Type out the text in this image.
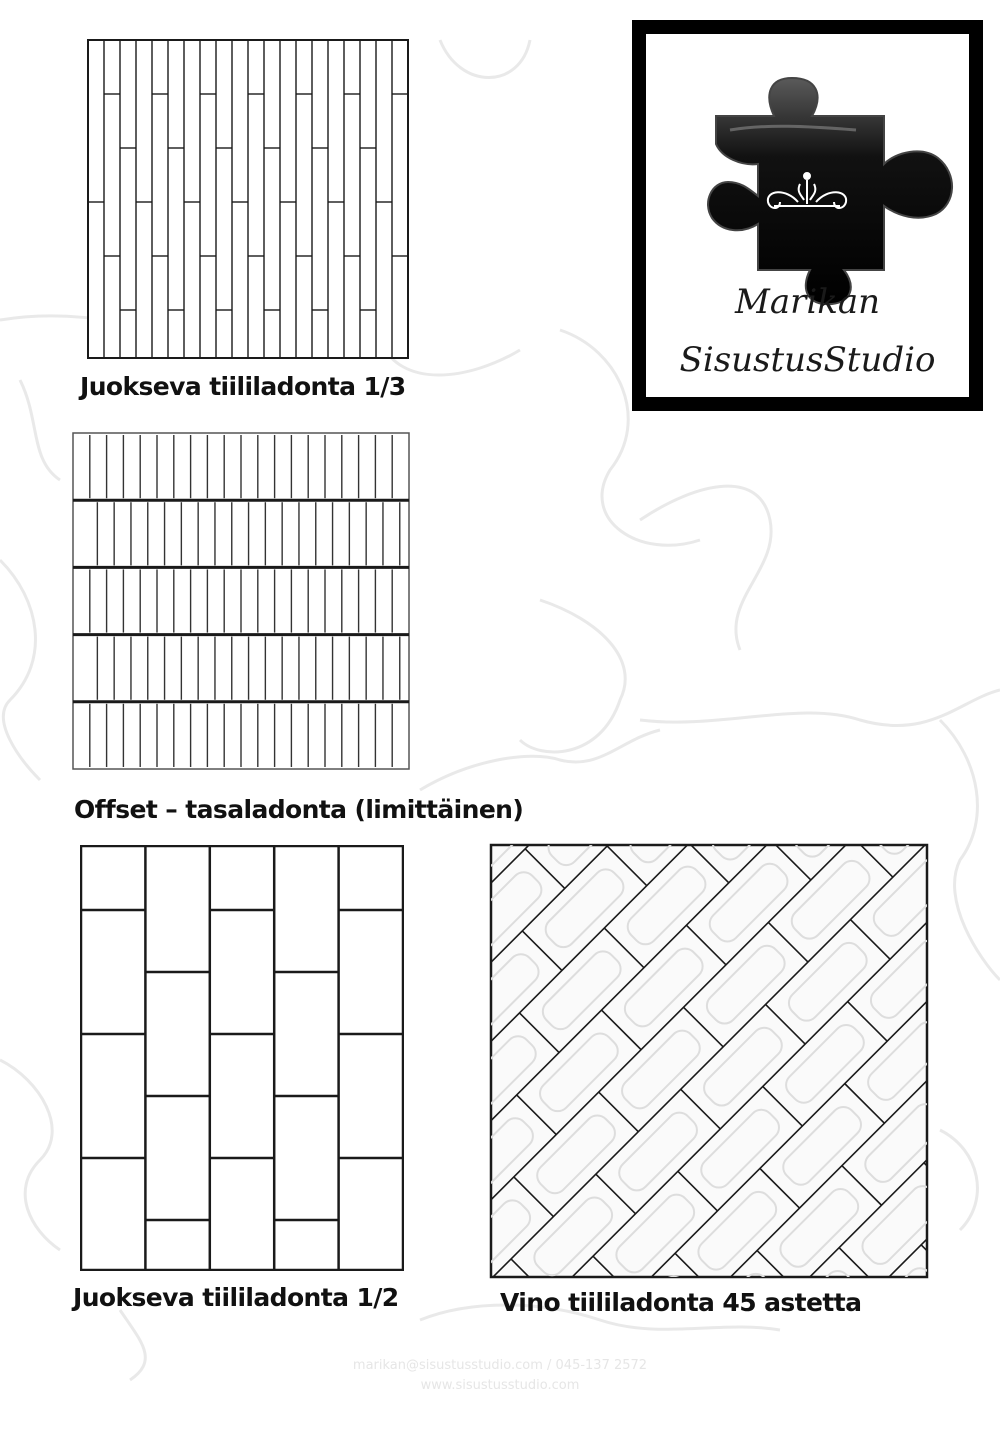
Juokseva tiililadonta 1/3

Offset – tasaladonta (limittäinen)

Juokseva tiililadonta 1/2	Vino tiililadonta 45 astetta

Marikan

SisustusStudio

marikan@sisustusstudio.com / 045-137 2572

www.sisustusstudio.com
